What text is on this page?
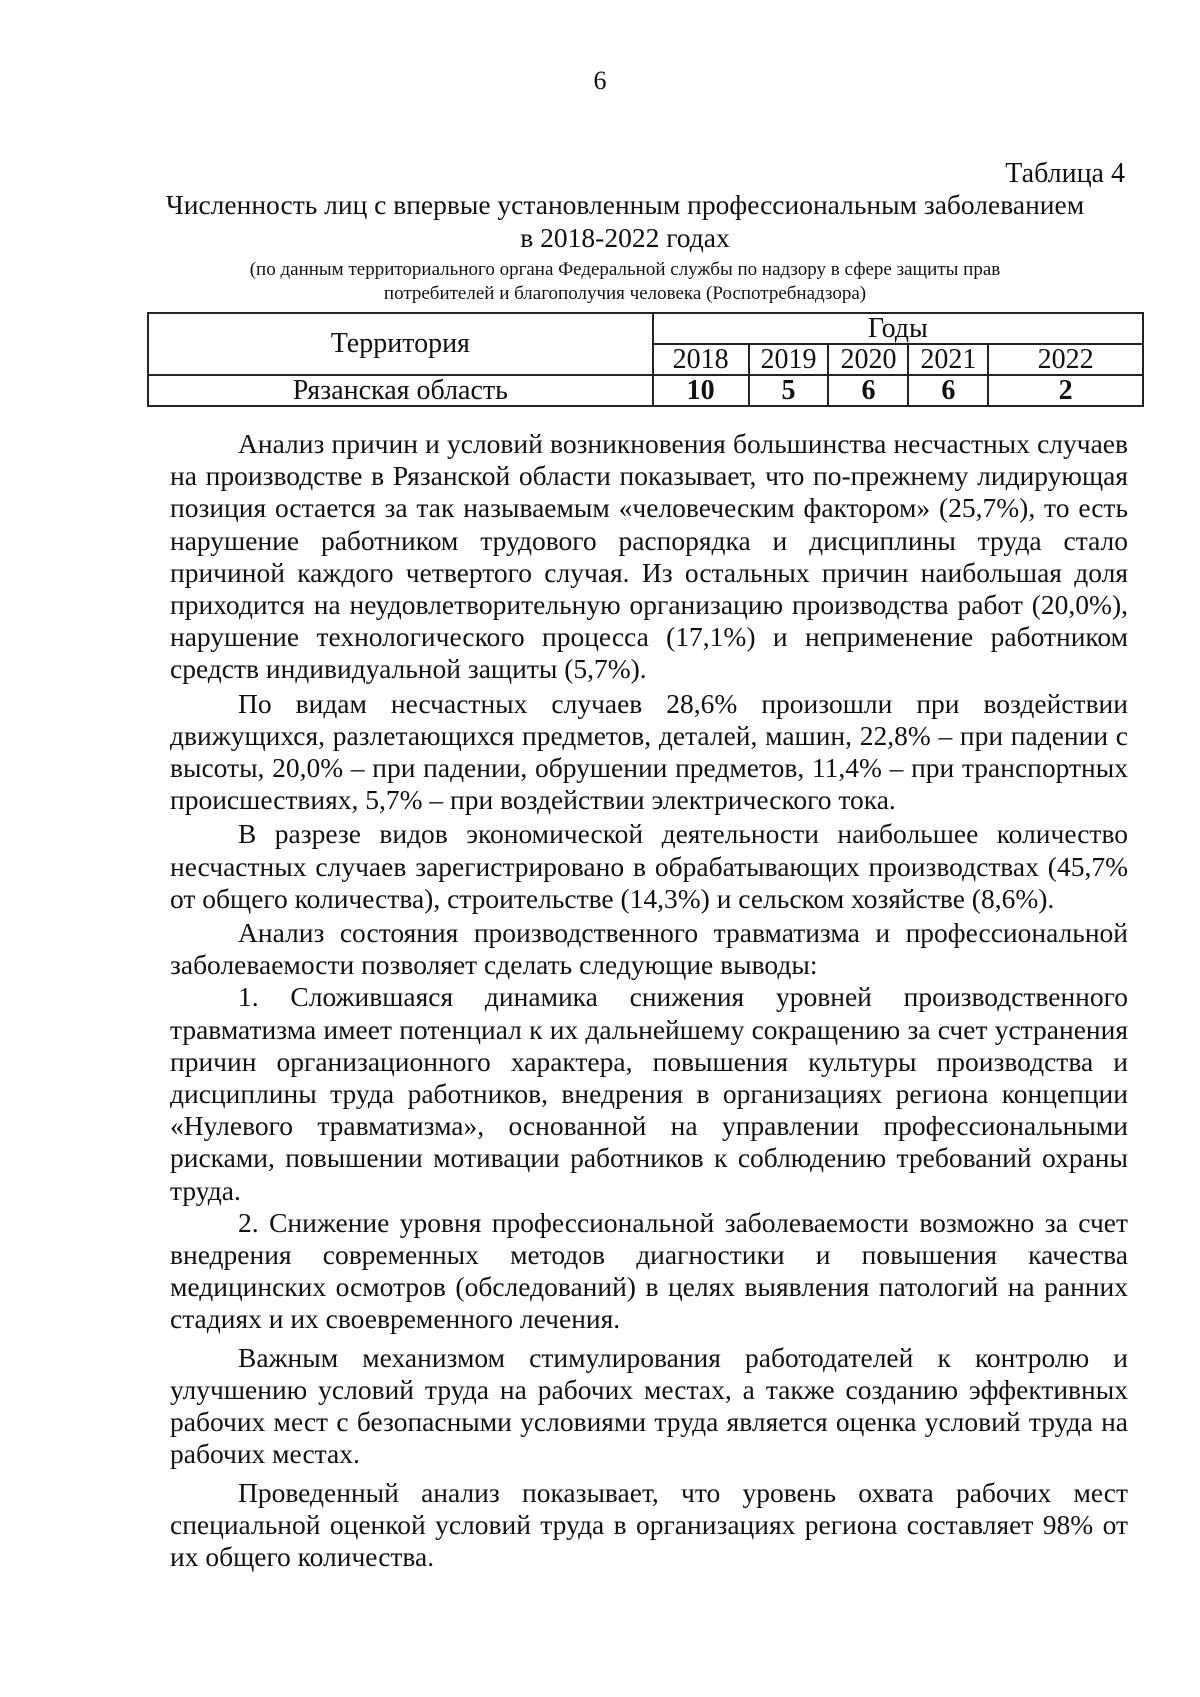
6
Таблица 4
Численность лиц с впервые установленным профессиональным заболеванием
в 2018-2022 годах
(по данным территориального органа Федеральной службы по надзору в сфере защиты прав
потребителей и благополучия человека (Роспотребнадзора)
Территория	Годы				
	2018	2019	2020	2021	2022
Рязанская область	10	5	6	6	2

Анализ причин и условий возникновения большинства несчастных случаев на производстве в Рязанской области показывает, что по-прежнему лидирующая позиция остается за так называемым «человеческим фактором» (25,7%), то есть нарушение работником трудового распорядка и дисциплины труда стало причиной каждого четвертого случая. Из остальных причин наибольшая доля приходится на неудовлетворительную организацию производства работ (20,0%), нарушение технологического процесса (17,1%) и неприменение работником средств индивидуальной защиты (5,7%).

По видам несчастных случаев 28,6% произошли при воздействии движущихся, разлетающихся предметов, деталей, машин, 22,8% – при падении с высоты, 20,0% – при падении, обрушении предметов, 11,4% – при транспортных происшествиях, 5,7% – при воздействии электрического тока.

В разрезе видов экономической деятельности наибольшее количество несчастных случаев зарегистрировано в обрабатывающих производствах (45,7% от общего количества), строительстве (14,3%) и сельском хозяйстве (8,6%).

Анализ состояния производственного травматизма и профессиональной заболеваемости позволяет сделать следующие выводы:

1. Сложившаяся динамика снижения уровней производственного травматизма имеет потенциал к их дальнейшему сокращению за счет устранения причин организационного характера, повышения культуры производства и дисциплины труда работников, внедрения в организациях региона концепции «Нулевого травматизма», основанной на управлении профессиональными рисками, повышении мотивации работников к соблюдению требований охраны труда.

2. Снижение уровня профессиональной заболеваемости возможно за счет внедрения современных методов диагностики и повышения качества медицинских осмотров (обследований) в целях выявления патологий на ранних стадиях и их своевременного лечения.

Важным механизмом стимулирования работодателей к контролю и улучшению условий труда на рабочих местах, а также созданию эффективных рабочих мест с безопасными условиями труда является оценка условий труда на рабочих местах.

Проведенный анализ показывает, что уровень охвата рабочих мест специальной оценкой условий труда в организациях региона составляет 98% от их общего количества.
